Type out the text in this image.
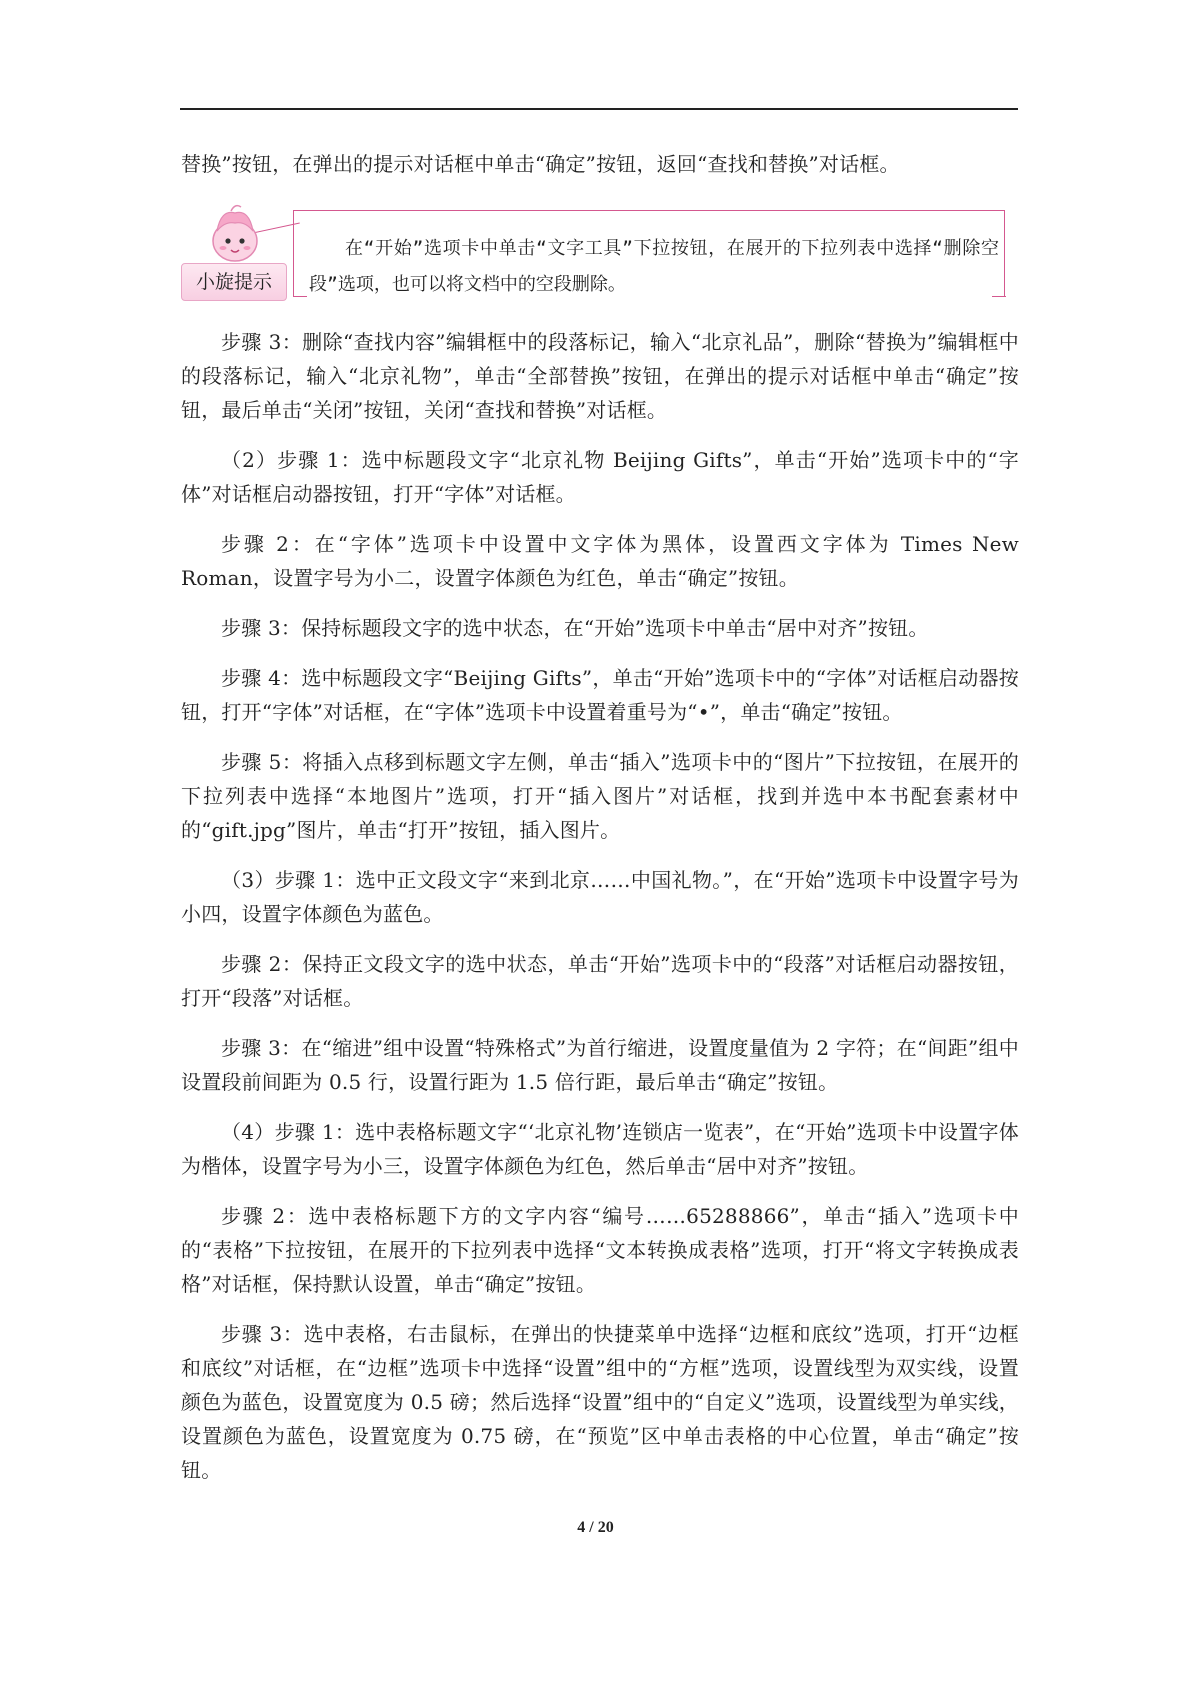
替换”按钮，在弹出的提示对话框中单击“确定”按钮，返回“查找和替换”对话框。

小旋提示
在“开始”选项卡中单击“文字工具”下拉按钮，在展开的下拉列表中选择“删除空段”选项，也可以将文档中的空段删除。

步骤 3：删除“查找内容”编辑框中的段落标记，输入“北京礼品”，删除“替换为”编辑框中的段落标记，输入“北京礼物”，单击“全部替换”按钮，在弹出的提示对话框中单击“确定”按钮，最后单击“关闭”按钮，关闭“查找和替换”对话框。

（2）步骤 1：选中标题段文字“北京礼物 Beijing Gifts”，单击“开始”选项卡中的“字体”对话框启动器按钮，打开“字体”对话框。

步骤 2：在“字体”选项卡中设置中文字体为黑体，设置西文字体为 Times New Roman，设置字号为小二，设置字体颜色为红色，单击“确定”按钮。

步骤 3：保持标题段文字的选中状态，在“开始”选项卡中单击“居中对齐”按钮。

步骤 4：选中标题段文字“Beijing Gifts”，单击“开始”选项卡中的“字体”对话框启动器按钮，打开“字体”对话框，在“字体”选项卡中设置着重号为“•”，单击“确定”按钮。

步骤 5：将插入点移到标题文字左侧，单击“插入”选项卡中的“图片”下拉按钮，在展开的下拉列表中选择“本地图片”选项，打开“插入图片”对话框，找到并选中本书配套素材中的“gift.jpg”图片，单击“打开”按钮，插入图片。

（3）步骤 1：选中正文段文字“来到北京……中国礼物。”，在“开始”选项卡中设置字号为小四，设置字体颜色为蓝色。

步骤 2：保持正文段文字的选中状态，单击“开始”选项卡中的“段落”对话框启动器按钮，打开“段落”对话框。

步骤 3：在“缩进”组中设置“特殊格式”为首行缩进，设置度量值为 2 字符；在“间距”组中设置段前间距为 0.5 行，设置行距为 1.5 倍行距，最后单击“确定”按钮。

（4）步骤 1：选中表格标题文字“‘北京礼物’连锁店一览表”，在“开始”选项卡中设置字体为楷体，设置字号为小三，设置字体颜色为红色，然后单击“居中对齐”按钮。

步骤 2：选中表格标题下方的文字内容“编号……65288866”，单击“插入”选项卡中的“表格”下拉按钮，在展开的下拉列表中选择“文本转换成表格”选项，打开“将文字转换成表格”对话框，保持默认设置，单击“确定”按钮。

步骤 3：选中表格，右击鼠标，在弹出的快捷菜单中选择“边框和底纹”选项，打开“边框和底纹”对话框，在“边框”选项卡中选择“设置”组中的“方框”选项，设置线型为双实线，设置颜色为蓝色，设置宽度为 0.5 磅；然后选择“设置”组中的“自定义”选项，设置线型为单实线，设置颜色为蓝色，设置宽度为 0.75 磅，在“预览”区中单击表格的中心位置，单击“确定”按钮。

4 / 20
